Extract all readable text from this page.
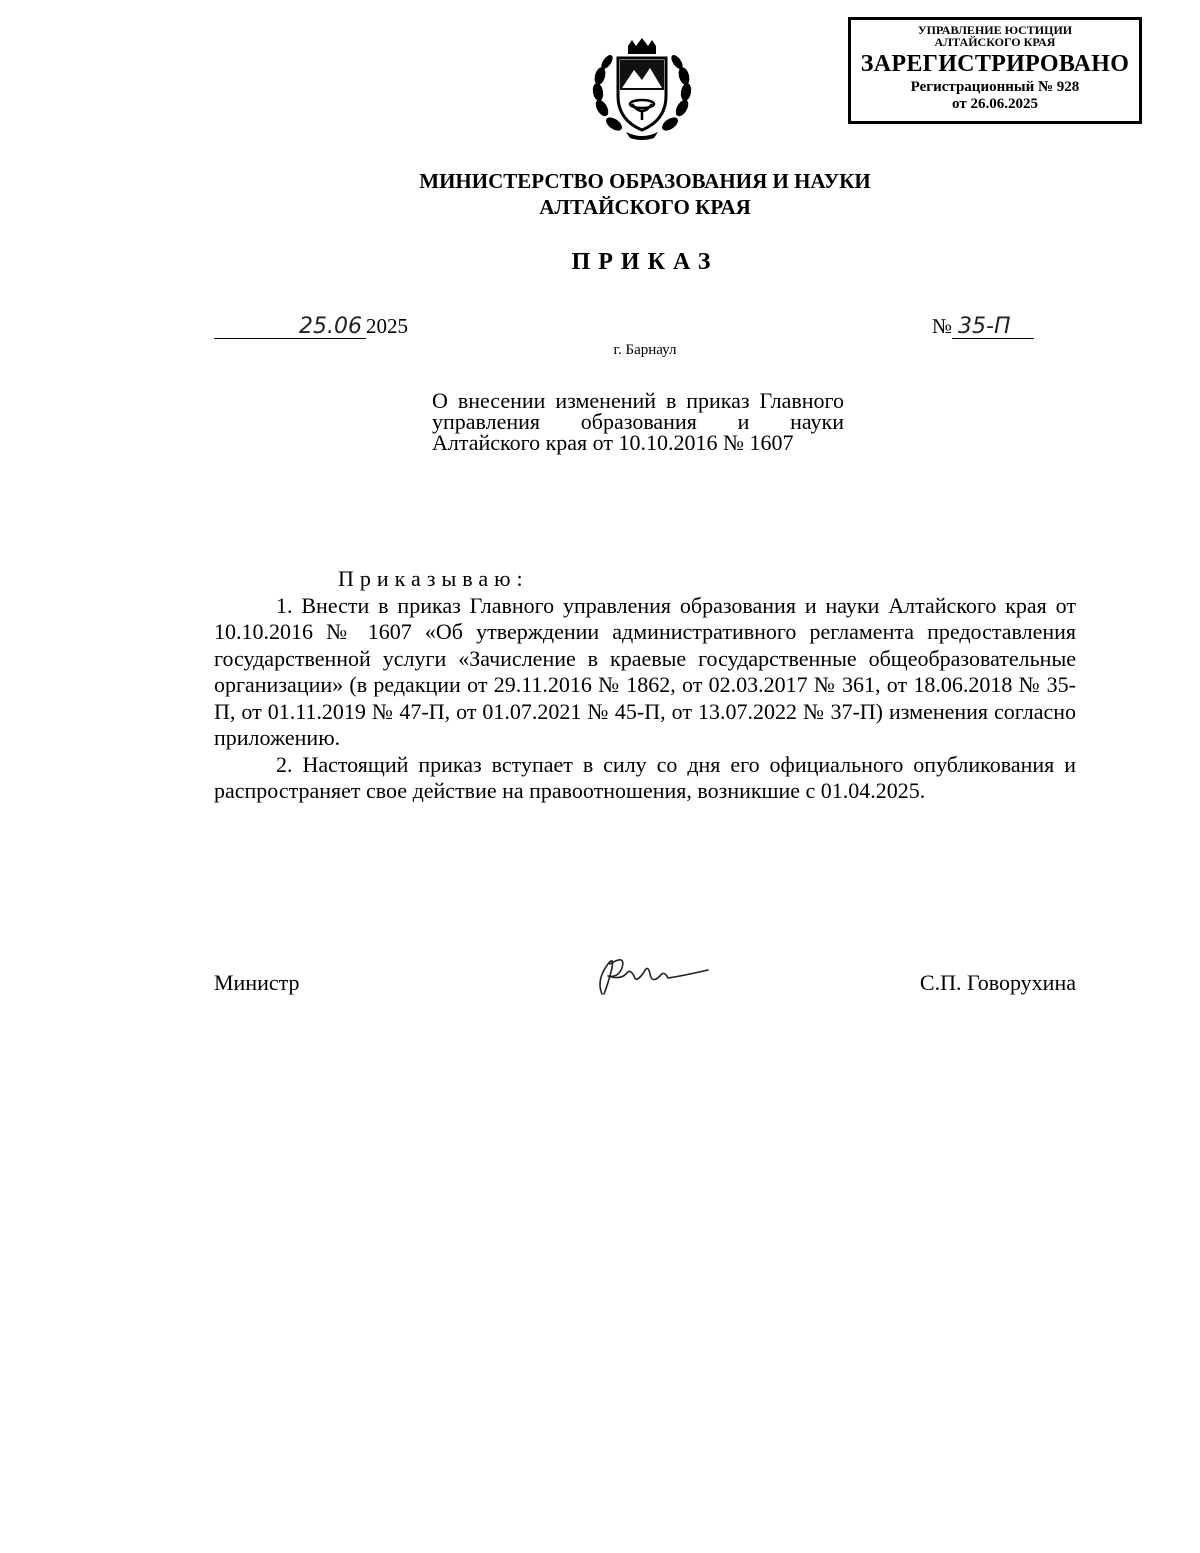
УПРАВЛЕНИЕ ЮСТИЦИИ
АЛТАЙСКОГО КРАЯ
ЗАРЕГИСТРИРОВАНО
Регистрационный № 928
от 26.06.2025
МИНИСТЕРСТВО ОБРАЗОВАНИЯ И НАУКИ
АЛТАЙСКОГО КРАЯ
ПРИКАЗ
25.06 2025	№ 35-П
г. Барнаул
О внесении изменений в приказ Главного управления образования и науки Алтайского края от 10.10.2016 № 1607

Приказываю:

1. Внести в приказ Главного управления образования и науки Алтайского края от 10.10.2016 № 1607 «Об утверждении административного регламента предоставления государственной услуги «Зачисление в краевые государственные общеобразовательные организации» (в редакции от 29.11.2016 № 1862, от 02.03.2017 № 361, от 18.06.2018 № 35-П, от 01.11.2019 № 47-П, от 01.07.2021 № 45-П, от 13.07.2022 № 37-П) изменения согласно приложению.

2. Настоящий приказ вступает в силу со дня его официального опубликования и распространяет свое действие на правоотношения, возникшие с 01.04.2025.

Министр	С.П. Говорухина
